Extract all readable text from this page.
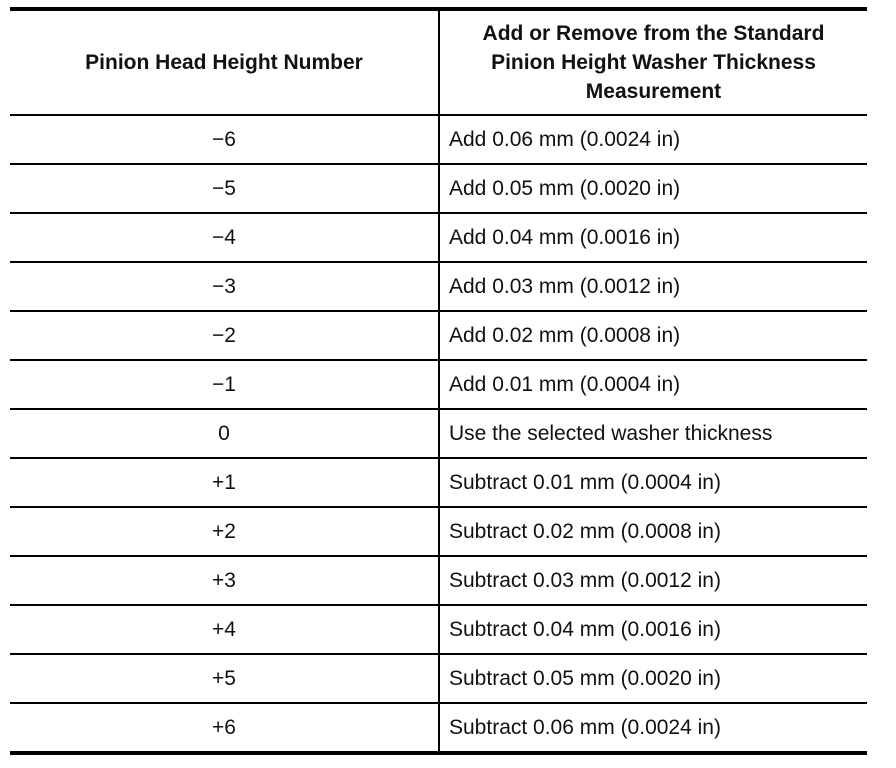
Pinion Head Height Number	Add or Remove from the Standard
Pinion Height Washer Thickness
Measurement

−6	Add 0.06 mm (0.0024 in)
−5	Add 0.05 mm (0.0020 in)
−4	Add 0.04 mm (0.0016 in)
−3	Add 0.03 mm (0.0012 in)
−2	Add 0.02 mm (0.0008 in)
−1	Add 0.01 mm (0.0004 in)
0	Use the selected washer thickness
+1	Subtract 0.01 mm (0.0004 in)
+2	Subtract 0.02 mm (0.0008 in)
+3	Subtract 0.03 mm (0.0012 in)
+4	Subtract 0.04 mm (0.0016 in)
+5	Subtract 0.05 mm (0.0020 in)
+6	Subtract 0.06 mm (0.0024 in)
